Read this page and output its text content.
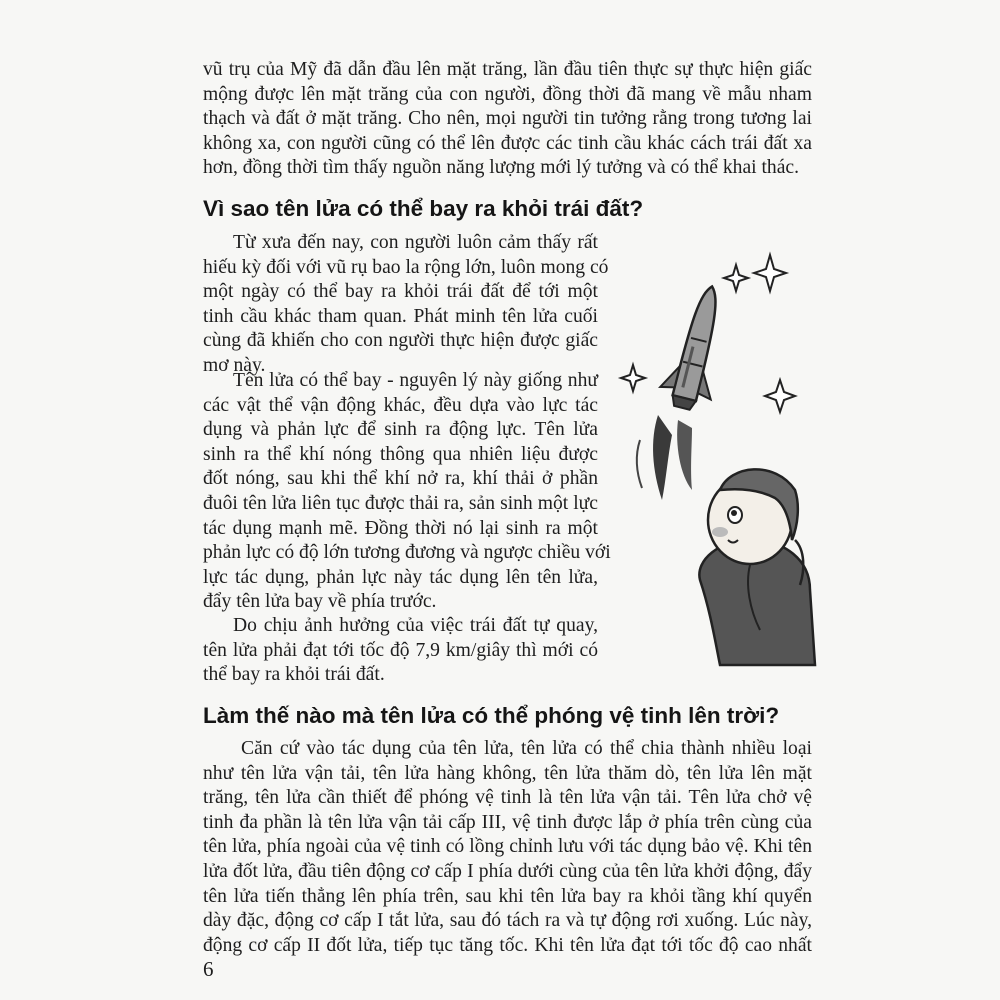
vũ trụ của Mỹ đã dẫn đầu lên mặt trăng, lần đầu tiên thực sự thực hiện giấc
mộng được lên mặt trăng của con người, đồng thời đã mang về mẫu nham
thạch và đất ở mặt trăng. Cho nên, mọi người tin tưởng rằng trong tương lai
không xa, con người cũng có thể lên được các tinh cầu khác cách trái đất xa
hơn, đồng thời tìm thấy nguồn năng lượng mới lý tưởng và có thể khai thác.
Vì sao tên lửa có thể bay ra khỏi trái đất?
Từ xưa đến nay, con người luôn cảm thấy rất
hiếu kỳ đối với vũ rụ bao la rộng lớn, luôn mong có
một ngày có thể bay ra khỏi trái đất để tới một
tinh cầu khác tham quan. Phát minh tên lửa cuối
cùng đã khiến cho con người thực hiện được giấc
mơ này.
Tên lửa có thể bay - nguyên lý này giống như
các vật thể vận động khác, đều dựa vào lực tác
dụng và phản lực để sinh ra động lực. Tên lửa
sinh ra thể khí nóng thông qua nhiên liệu được
đốt nóng, sau khi thể khí nở ra, khí thải ở phần
đuôi tên lửa liên tục được thải ra, sản sinh một lực
tác dụng mạnh mẽ. Đồng thời nó lại sinh ra một
phản lực có độ lớn tương đương và ngược chiều với
lực tác dụng, phản lực này tác dụng lên tên lửa,
đẩy tên lửa bay về phía trước.
Do chịu ảnh hưởng của việc trái đất tự quay,
tên lửa phải đạt tới tốc độ 7,9 km/giây thì mới có
thể bay ra khỏi trái đất.
Làm thế nào mà tên lửa có thể phóng vệ tinh lên trời?
Căn cứ vào tác dụng của tên lửa, tên lửa có thể chia thành nhiều loại
như tên lửa vận tải, tên lửa hàng không, tên lửa thăm dò, tên lửa lên mặt
trăng, tên lửa cần thiết để phóng vệ tinh là tên lửa vận tải. Tên lửa chở vệ
tinh đa phần là tên lửa vận tải cấp III, vệ tinh được lắp ở phía trên cùng của
tên lửa, phía ngoài của vệ tinh có lồng chỉnh lưu với tác dụng bảo vệ. Khi tên
lửa đốt lửa, đầu tiên động cơ cấp I phía dưới cùng của tên lửa khởi động, đẩy
tên lửa tiến thẳng lên phía trên, sau khi tên lửa bay ra khỏi tầng khí quyển
dày đặc, động cơ cấp I tắt lửa, sau đó tách ra và tự động rơi xuống. Lúc này,
động cơ cấp II đốt lửa, tiếp tục tăng tốc. Khi tên lửa đạt tới tốc độ cao nhất
6
